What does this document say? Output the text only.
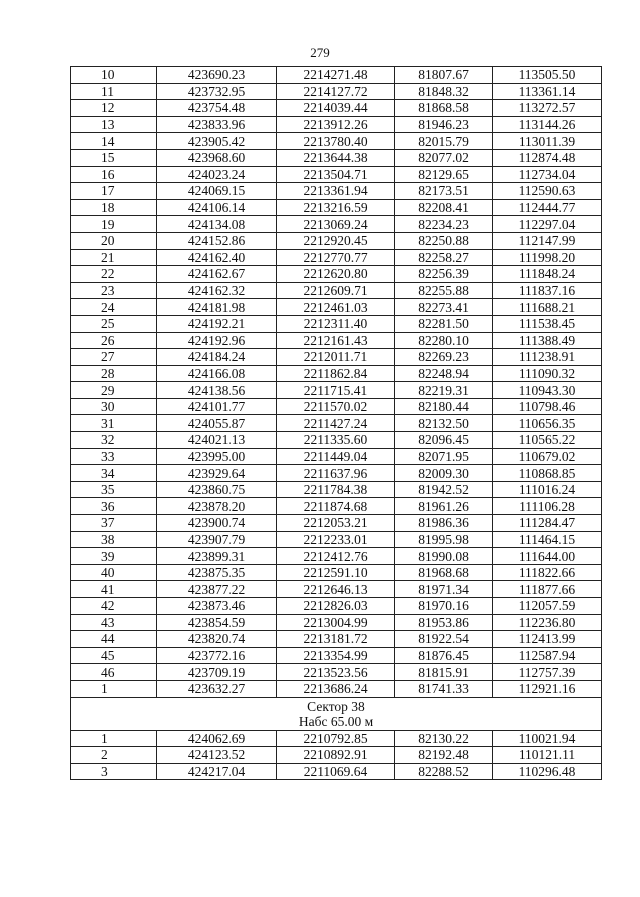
279
10	423690.23	2214271.48	81807.67	113505.50
11	423732.95	2214127.72	81848.32	113361.14
12	423754.48	2214039.44	81868.58	113272.57
13	423833.96	2213912.26	81946.23	113144.26
14	423905.42	2213780.40	82015.79	113011.39
15	423968.60	2213644.38	82077.02	112874.48
16	424023.24	2213504.71	82129.65	112734.04
17	424069.15	2213361.94	82173.51	112590.63
18	424106.14	2213216.59	82208.41	112444.77
19	424134.08	2213069.24	82234.23	112297.04
20	424152.86	2212920.45	82250.88	112147.99
21	424162.40	2212770.77	82258.27	111998.20
22	424162.67	2212620.80	82256.39	111848.24
23	424162.32	2212609.71	82255.88	111837.16
24	424181.98	2212461.03	82273.41	111688.21
25	424192.21	2212311.40	82281.50	111538.45
26	424192.96	2212161.43	82280.10	111388.49
27	424184.24	2212011.71	82269.23	111238.91
28	424166.08	2211862.84	82248.94	111090.32
29	424138.56	2211715.41	82219.31	110943.30
30	424101.77	2211570.02	82180.44	110798.46
31	424055.87	2211427.24	82132.50	110656.35
32	424021.13	2211335.60	82096.45	110565.22
33	423995.00	2211449.04	82071.95	110679.02
34	423929.64	2211637.96	82009.30	110868.85
35	423860.75	2211784.38	81942.52	111016.24
36	423878.20	2211874.68	81961.26	111106.28
37	423900.74	2212053.21	81986.36	111284.47
38	423907.79	2212233.01	81995.98	111464.15
39	423899.31	2212412.76	81990.08	111644.00
40	423875.35	2212591.10	81968.68	111822.66
41	423877.22	2212646.13	81971.34	111877.66
42	423873.46	2212826.03	81970.16	112057.59
43	423854.59	2213004.99	81953.86	112236.80
44	423820.74	2213181.72	81922.54	112413.99
45	423772.16	2213354.99	81876.45	112587.94
46	423709.19	2213523.56	81815.91	112757.39
1	423632.27	2213686.24	81741.33	112921.16
Сектор 38
Набс 65.00 м				
1	424062.69	2210792.85	82130.22	110021.94
2	424123.52	2210892.91	82192.48	110121.11
3	424217.04	2211069.64	82288.52	110296.48
